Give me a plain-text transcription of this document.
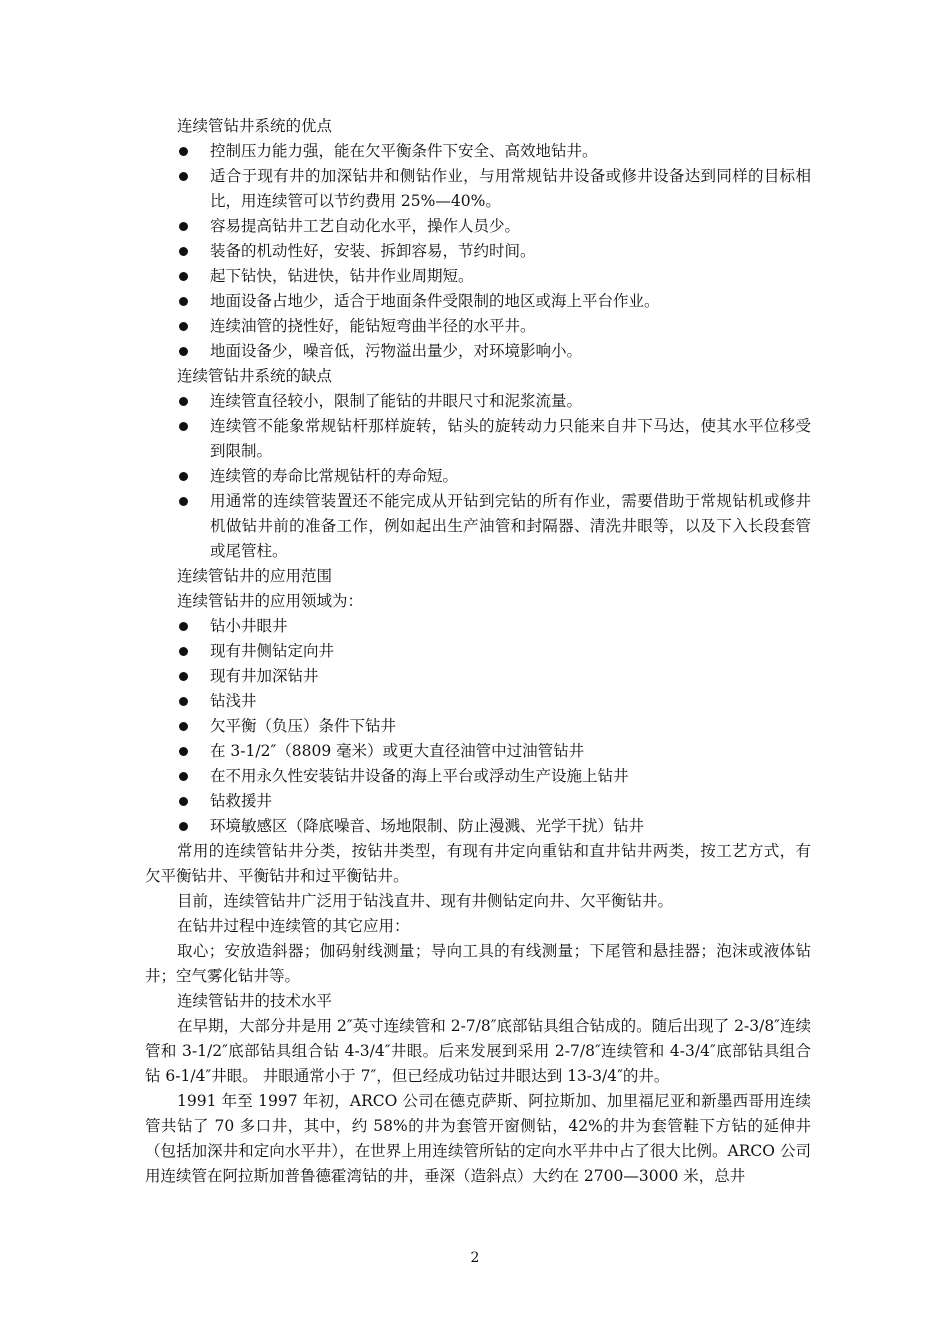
连续管钻井系统的优点
控制压力能力强，能在欠平衡条件下安全、高效地钻井。
适合于现有井的加深钻井和侧钻作业，与用常规钻井设备或修井设备达到同样的目标相比，用连续管可以节约费用 25%—40%。
容易提高钻井工艺自动化水平，操作人员少。
装备的机动性好，安装、拆卸容易，节约时间。
起下钻快，钻进快，钻井作业周期短。
地面设备占地少，适合于地面条件受限制的地区或海上平台作业。
连续油管的挠性好，能钻短弯曲半径的水平井。
地面设备少，噪音低，污物溢出量少，对环境影响小。
连续管钻井系统的缺点
连续管直径较小，限制了能钻的井眼尺寸和泥浆流量。
连续管不能象常规钻杆那样旋转，钻头的旋转动力只能来自井下马达，使其水平位移受到限制。
连续管的寿命比常规钻杆的寿命短。
用通常的连续管装置还不能完成从开钻到完钻的所有作业，需要借助于常规钻机或修井机做钻井前的准备工作，例如起出生产油管和封隔器、清洗井眼等，以及下入长段套管或尾管柱。
连续管钻井的应用范围
连续管钻井的应用领域为：
钻小井眼井
现有井侧钻定向井
现有井加深钻井
钻浅井
欠平衡（负压）条件下钻井
在 3-1/2″（8809 毫米）或更大直径油管中过油管钻井
在不用永久性安装钻井设备的海上平台或浮动生产设施上钻井
钻救援井
环境敏感区（降底噪音、场地限制、防止漫溅、光学干扰）钻井
常用的连续管钻井分类，按钻井类型，有现有井定向重钻和直井钻井两类，按工艺方式，有欠平衡钻井、平衡钻井和过平衡钻井。
目前，连续管钻井广泛用于钻浅直井、现有井侧钻定向井、欠平衡钻井。
在钻井过程中连续管的其它应用：
取心；安放造斜器；伽码射线测量；导向工具的有线测量；下尾管和悬挂器；泡沫或液体钻井；空气雾化钻井等。
连续管钻井的技术水平
在早期，大部分井是用 2″英寸连续管和 2-7/8″底部钻具组合钻成的。随后出现了 2-3/8″连续管和 3-1/2″底部钻具组合钻 4-3/4″井眼。后来发展到采用 2-7/8″连续管和 4-3/4″底部钻具组合钻 6-1/4″井眼。 井眼通常小于 7″，但已经成功钻过井眼达到 13-3/4″的井。
1991 年至 1997 年初，ARCO 公司在德克萨斯、阿拉斯加、加里福尼亚和新墨西哥用连续管共钻了 70 多口井，其中，约 58%的井为套管开窗侧钻，42%的井为套管鞋下方钻的延伸井（包括加深井和定向水平井），在世界上用连续管所钻的定向水平井中占了很大比例。ARCO 公司用连续管在阿拉斯加普鲁德霍湾钻的井，垂深（造斜点）大约在 2700—3000 米，总井
2
